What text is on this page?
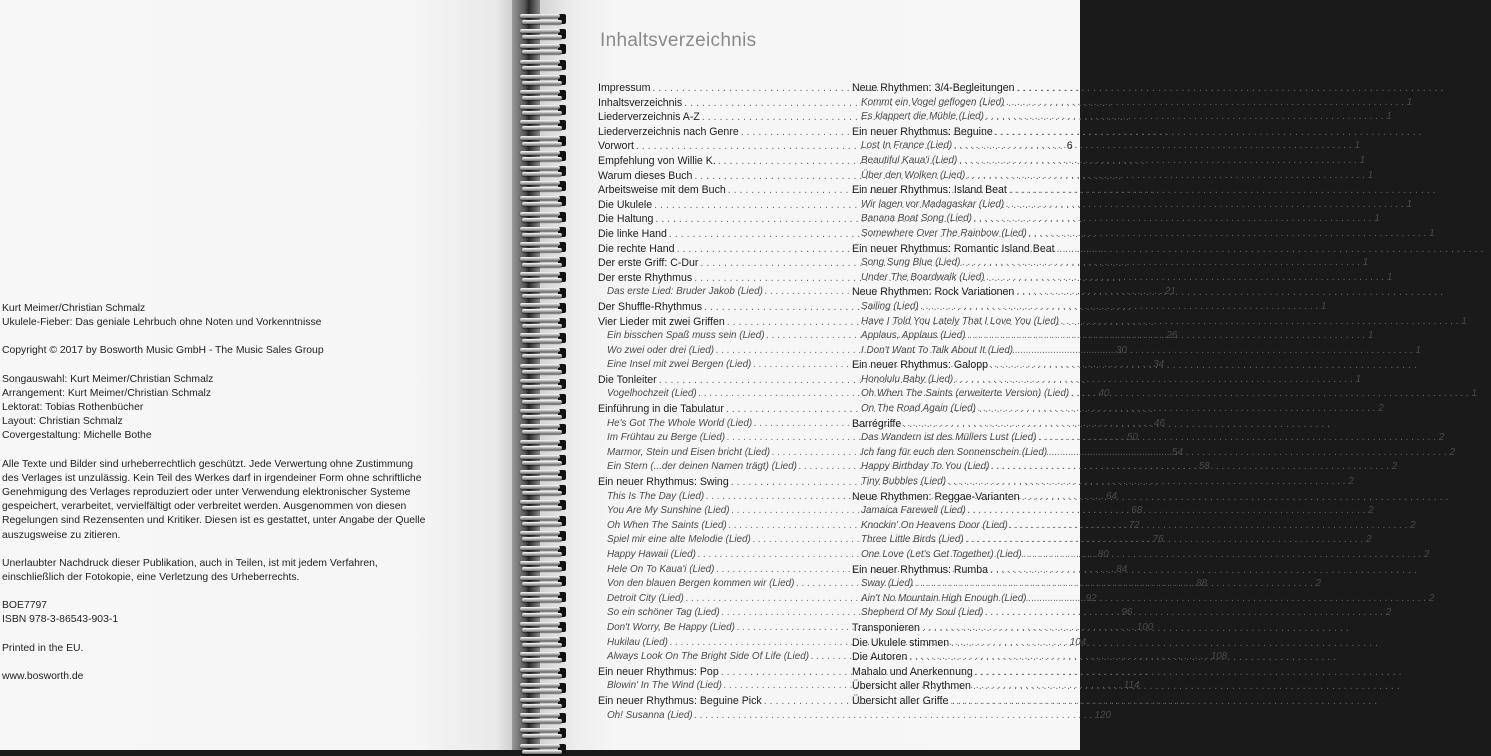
Kurt Meimer/Christian Schmalz

Ukulele-Fieber: Das geniale Lehrbuch ohne Noten und Vorkenntnisse

Copyright © 2017 by Bosworth Music GmbH - The Music Sales Group

Songauswahl: Kurt Meimer/Christian Schmalz

Arrangement: Kurt Meimer/Christian Schmalz

Lektorat: Tobias Rothenbücher

Layout: Christian Schmalz

Covergestaltung: Michelle Bothe

Alle Texte und Bilder sind urheberrechtlich geschützt. Jede Verwertung ohne Zustimmung

des Verlages ist unzulässig. Kein Teil des Werkes darf in irgendeiner Form ohne schriftliche

Genehmigung des Verlages reproduziert oder unter Verwendung elektronischer Systeme

gespeichert, verarbeitet, vervielfältigt oder verbreitet werden. Ausgenommen von diesen

Regelungen sind Rezensenten und Kritiker. Diesen ist es gestattet, unter Angabe der Quelle

auszugsweise zu zitieren.

Unerlaubter Nachdruck dieser Publikation, auch in Teilen, ist mit jedem Verfahren,

einschließlich der Fotokopie, eine Verletzung des Urheberrechts.

BOE7797

ISBN 978-3-86543-903-1

Printed in the EU.

www.bosworth.de

Inhaltsverzeichnis
Impressum . . .	2
Inhaltsverzeichnis . . .	3
Liederverzeichnis A-Z . . .	4
Liederverzeichnis nach Genre . . .	5
Vorwort . . .	6
Empfehlung von Willie K. . . .	7
Warum dieses Buch . . .	9
Arbeitsweise mit dem Buch . . .	10
Die Ukulele . . .	12
Die Haltung . . .	14
Die linke Hand . . .	16
Die rechte Hand . . .	17
Der erste Griff: C-Dur . . .	18
Der erste Rhythmus . . .	20
Das erste Lied: Bruder Jakob (Lied) . . .	21
Der Shuffle-Rhythmus . . .	22
Vier Lieder mit zwei Griffen . . .	24
Ein bisschen Spaß muss sein (Lied) . . .	26
Wo zwei oder drei (Lied) . . .	30
Eine Insel mit zwei Bergen (Lied) . . .	34
Die Tonleiter . . .	38
Vogelhochzeit (Lied) . . .	40
Einführung in die Tabulatur . . .	44
He's Got The Whole World (Lied) . . .	46
Im Frühtau zu Berge (Lied) . . .	50
Marmor, Stein und Eisen bricht (Lied) . . .	54
Ein Stern (...der deinen Namen trägt) (Lied) . . .	58
Ein neuer Rhythmus: Swing . . .	62
This Is The Day (Lied) . . .	64
You Are My Sunshine (Lied) . . .	68
Oh When The Saints (Lied) . . .	72
Spiel mir eine alte Melodie (Lied) . . .	76
Happy Hawaii (Lied) . . .	80
Hele On To Kaua'i (Lied) . . .	84
Von den blauen Bergen kommen wir (Lied) . . .	88
Detroit City (Lied) . . .	92
So ein schöner Tag (Lied) . . .	96
Don't Worry, Be Happy (Lied) . . .	100
Hukilau (Lied) . . .	104
Always Look On The Bright Side Of Life (Lied) . . .	108
Ein neuer Rhythmus: Pop . . .	112
Blowin' In The Wind (Lied) . . .	114
Ein neuer Rhythmus: Beguine Pick . . .	118
Oh! Susanna (Lied) . . .	120
Neue Rhythmen: 3/4-Begleitungen . . .	1
Kommt ein Vogel geflogen (Lied) . . .	1
Es klappert die Mühle (Lied) . . .	1
Ein neuer Rhythmus: Beguine . . .	1
Lost In France (Lied) . . .	1
Beautiful Kaua'i (Lied) . . .	1
Über den Wolken (Lied) . . .	1
Ein neuer Rhythmus: Island Beat . . .	1
Wir lagen vor Madagaskar (Lied) . . .	1
Banana Boat Song (Lied) . . .	1
Somewhere Over The Rainbow (Lied) . . .	1
Ein neuer Rhythmus: Romantic Island Beat . . .	1
Song Sung Blue (Lied) . . .	1
Under The Boardwalk (Lied) . . .	1
Neue Rhythmen: Rock Variationen . . .	1
Sailing (Lied) . . .	1
Have I Told You Lately That I Love You (Lied) . . .	1
Applaus, Applaus (Lied) . . .	1
I Don't Want To Talk About It (Lied) . . .	1
Ein neuer Rhythmus: Galopp . . .	1
Honolulu Baby (Lied) . . .	1
Oh When The Saints (erweiterte Version) (Lied) . . .	1
On The Road Again (Lied) . . .	2
Barrégriffe . . .	2
Das Wandern ist des Müllers Lust (Lied) . . .	2
Ich fang für euch den Sonnenschein (Lied) . . .	2
Happy Birthday To You (Lied) . . .	2
Tiny Bubbles (Lied) . . .	2
Neue Rhythmen: Reggae-Varianten . . .	2
Jamaica Farewell (Lied) . . .	2
Knockin' On Heavens Door (Lied) . . .	2
Three Little Birds (Lied) . . .	2
One Love (Let's Get Together) (Lied) . . .	2
Ein neuer Rhythmus: Rumba . . .	2
Sway (Lied) . . .	2
Ain't No Mountain High Enough (Lied) . . .	2
Shepherd Of My Soul (Lied) . . .	2
Transponieren . . .	2
Die Ukulele stimmen . . .	2
Die Autoren . . .	2
Mahalo und Anerkennung . . .	2
Übersicht aller Rhythmen . . .	2
Übersicht aller Griffe . . .	2
